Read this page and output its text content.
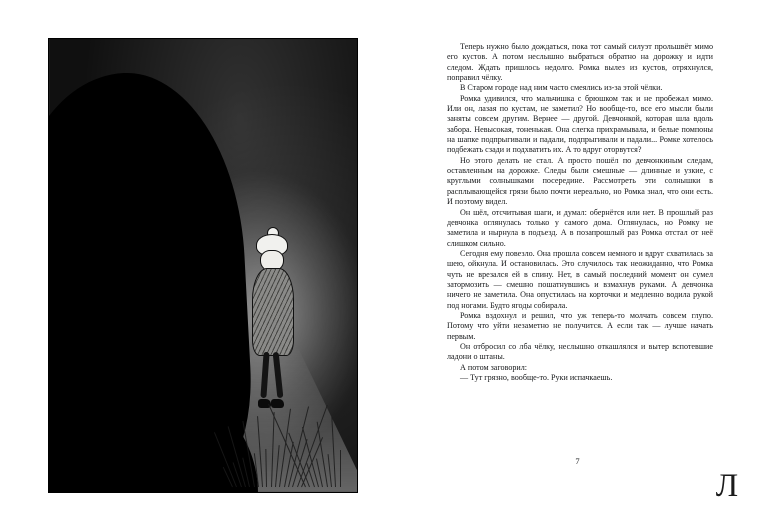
Теперь нужно было дождаться, пока тот самый силуэт прольшвёт мимо его кустов. А потом неслышно выбраться обратно на дорожку и идти следом. Ждать пришлось недолго. Ромка вылез из кустов, отряхнулся, поправил чёлку.

В Старом городе над ним часто смеялись из-за этой чёлки.

Ромка удивился, что мальчишка с брюшком так и не пробежал мимо. Или он, лазая по кустам, не заметил? Но вообще-то, все его мысли были заняты совсем другим. Вернее — другой. Девчонкой, которая шла вдоль забора. Невысокая, тоненькая. Она слегка прихрамывала, и белые помпоны на шапке подпрыгивали и падали, подпрыгивали и падали... Ромке хотелось подбежать сзади и подхватить их. А то вдруг оторвутся?

Но этого делать не стал. А просто пошёл по девчонкиным следам, оставленным на дорожке. Следы были смешные — длинные и узкие, с круглыми солнышками посередине. Рассмотреть эти солнышки в расплывающейся грязи было почти нереально, но Ромка знал, что они есть. И поэтому видел.

Он шёл, отсчитывая шаги, и думал: обернётся или нет. В прошлый раз девчонка оглянулась только у самого дома. Оглянулась, но Ромку не заметила и нырнула в подъезд. А в позапрошлый раз Ромка отстал от неё слишком сильно.

Сегодня ему повезло. Она прошла совсем немного и вдруг схватилась за шею, ойкнула. И остановилась. Это случилось так неожиданно, что Ромка чуть не врезался ей в спину. Нет, в самый последний момент он сумел затормозить — смешно пошатнувшись и взмахнув руками. А девчонка ничего не заметила. Она опустилась на корточки и медленно водила рукой под ногами. Будто ягоды собирала.

Ромка вздохнул и решил, что уж теперь-то молчать совсем глупо. Потому что уйти незаметно не получится. А если так — лучше начать первым.

Он отбросил со лба чёлку, неслышно откашлялся и вытер вспотевшие ладони о штаны.

А потом заговорил:

— Тут грязно, вообще-то. Руки испачкаешь.

7
Л
